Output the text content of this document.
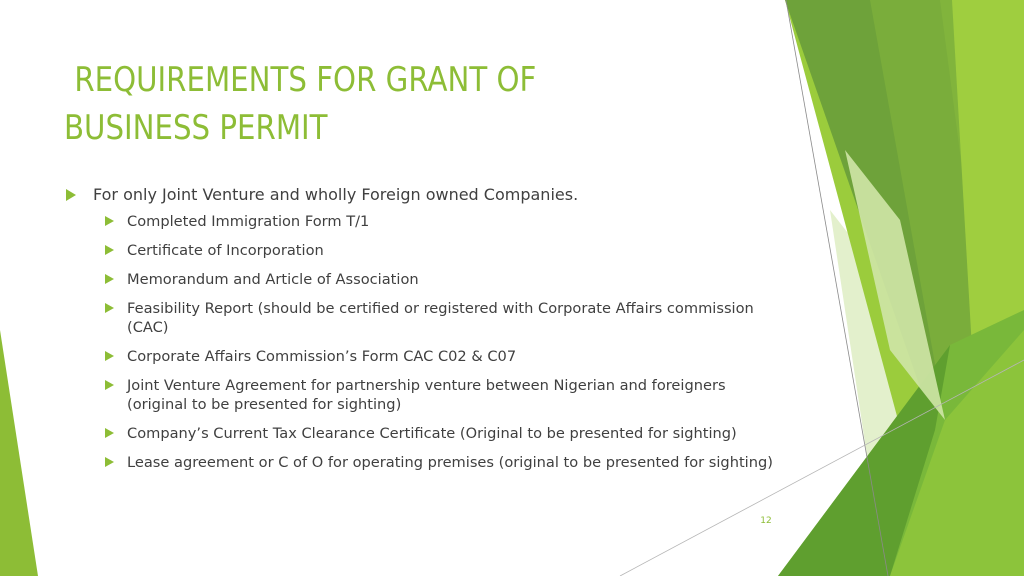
REQUIREMENTS FOR GRANT OF
BUSINESS PERMIT
For only Joint Venture and wholly Foreign owned Companies.
Completed Immigration Form T/1
Certificate of Incorporation
Memorandum and Article of Association
Feasibility Report (should be certified or registered with Corporate Affairs commission (CAC)
Corporate Affairs Commission’s Form CAC C02 & C07
Joint Venture Agreement for partnership venture between Nigerian and foreigners (original to be presented for sighting)
Company’s Current Tax Clearance Certificate (Original to be presented for sighting)
Lease agreement or C of O for operating premises (original to be presented for sighting)
12
